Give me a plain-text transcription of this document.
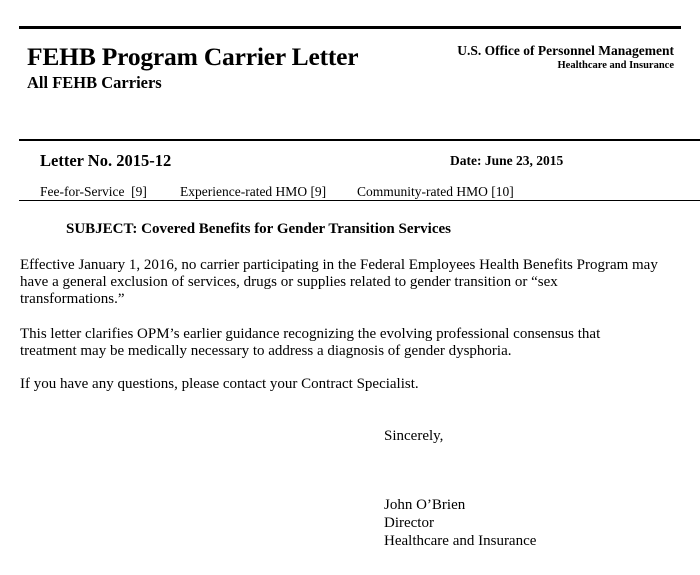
FEHB Program Carrier Letter
All FEHB Carriers
U.S. Office of Personnel Management
Healthcare and Insurance
Letter No. 2015-12	Date: June 23, 2015
Fee-for-Service  [9] Experience-rated HMO [9] Community-rated HMO [10]
SUBJECT: Covered Benefits for Gender Transition Services
Effective January 1, 2016, no carrier participating in the Federal Employees Health Benefits Program may have a general exclusion of services, drugs or supplies related to gender transition or “sex transformations.”
This letter clarifies OPM’s earlier guidance recognizing the evolving professional consensus that treatment may be medically necessary to address a diagnosis of gender dysphoria.
If you have any questions, please contact your Contract Specialist.
Sincerely,
John O’Brien
Director
Healthcare and Insurance
